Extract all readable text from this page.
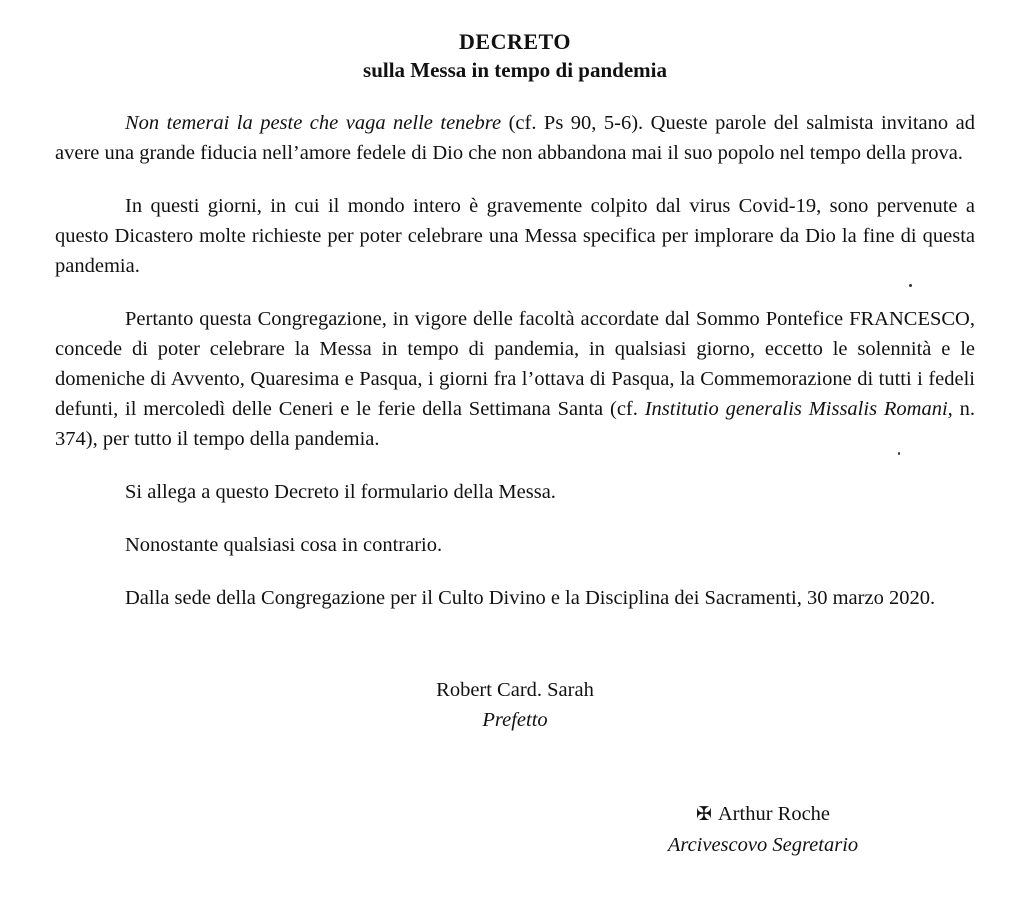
DECRETO
sulla Messa in tempo di pandemia

Non temerai la peste che vaga nelle tenebre (cf. Ps 90, 5-6). Queste parole del salmista invitano ad avere una grande fiducia nell’amore fedele di Dio che non abbandona mai il suo popolo nel tempo della prova.

In questi giorni, in cui il mondo intero è gravemente colpito dal virus Covid-19, sono pervenute a questo Dicastero molte richieste per poter celebrare una Messa specifica per implorare da Dio la fine di questa pandemia.

Pertanto questa Congregazione, in vigore delle facoltà accordate dal Sommo Pontefice FRANCESCO, concede di poter celebrare la Messa in tempo di pandemia, in qualsiasi giorno, eccetto le solennità e le domeniche di Avvento, Quaresima e Pasqua, i giorni fra l’ottava di Pasqua, la Commemorazione di tutti i fedeli defunti, il mercoledì delle Ceneri e le ferie della Settimana Santa (cf. Institutio generalis Missalis Romani, n. 374), per tutto il tempo della pandemia.

Si allega a questo Decreto il formulario della Messa.

Nonostante qualsiasi cosa in contrario.

Dalla sede della Congregazione per il Culto Divino e la Disciplina dei Sacramenti, 30 marzo 2020.

Robert Card. Sarah
Prefetto
✠ Arthur Roche
Arcivescovo Segretario
